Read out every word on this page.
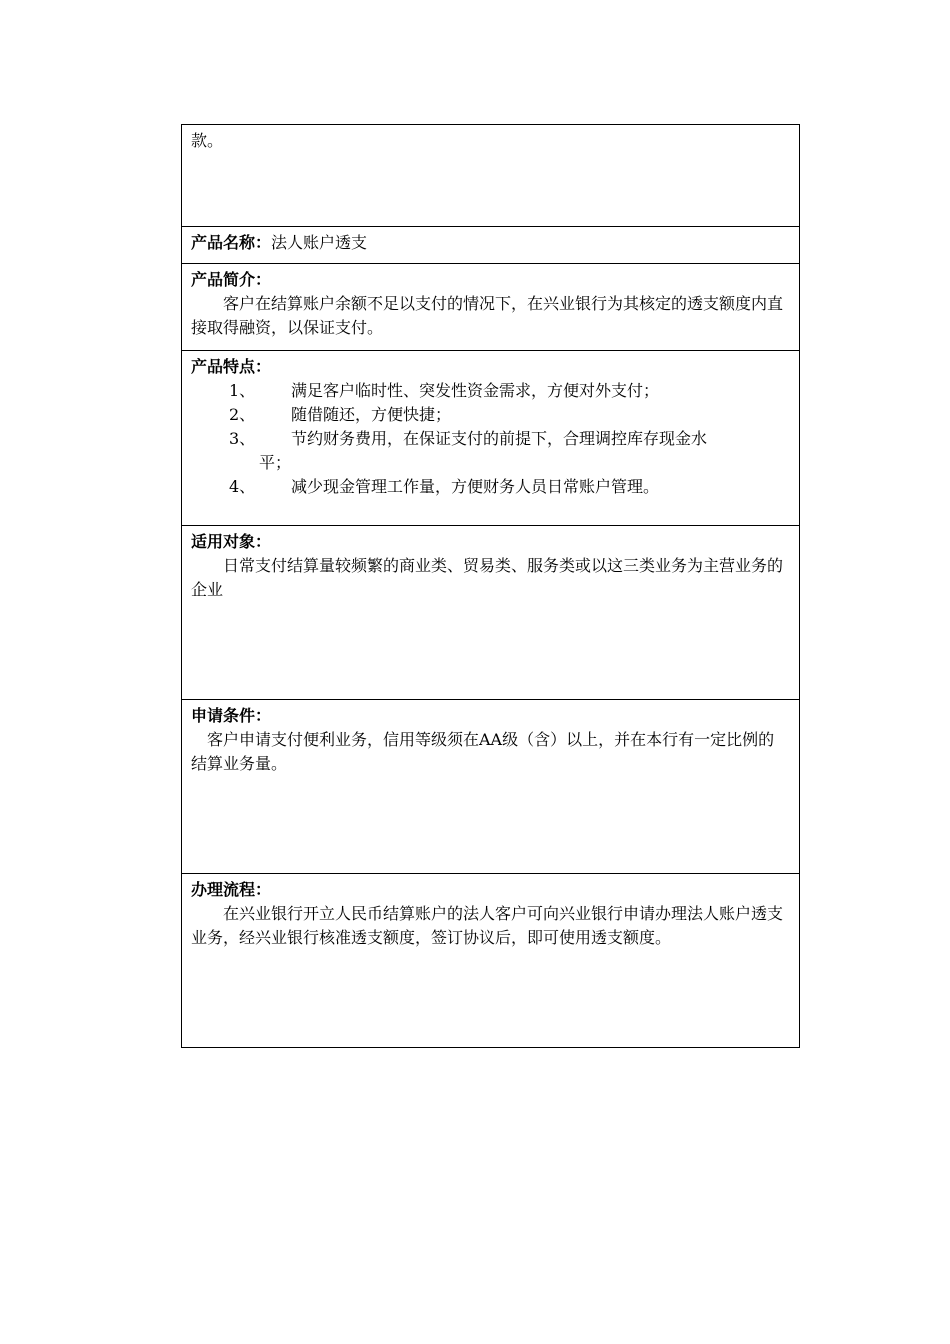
款。
产品名称：法人账户透支

产品简介：

客户在结算账户余额不足以支付的情况下，在兴业银行为其核定的透支额度内直接取得融资，以保证支付。

产品特点：
1、	满足客户临时性、突发性资金需求，方便对外支付；
2、	随借随还，方便快捷；
3、	节约财务费用，在保证支付的前提下，合理调控库存现金水
平；
4、	减少现金管理工作量，方便财务人员日常账户管理。

适用对象：

日常支付结算量较频繁的商业类、贸易类、服务类或以这三类业务为主营业务的企业

申请条件：

客户申请支付便利业务，信用等级须在AA级（含）以上，并在本行有一定比例的结算业务量。

办理流程：

在兴业银行开立人民币结算账户的法人客户可向兴业银行申请办理法人账户透支业务，经兴业银行核准透支额度，签订协议后，即可使用透支额度。
